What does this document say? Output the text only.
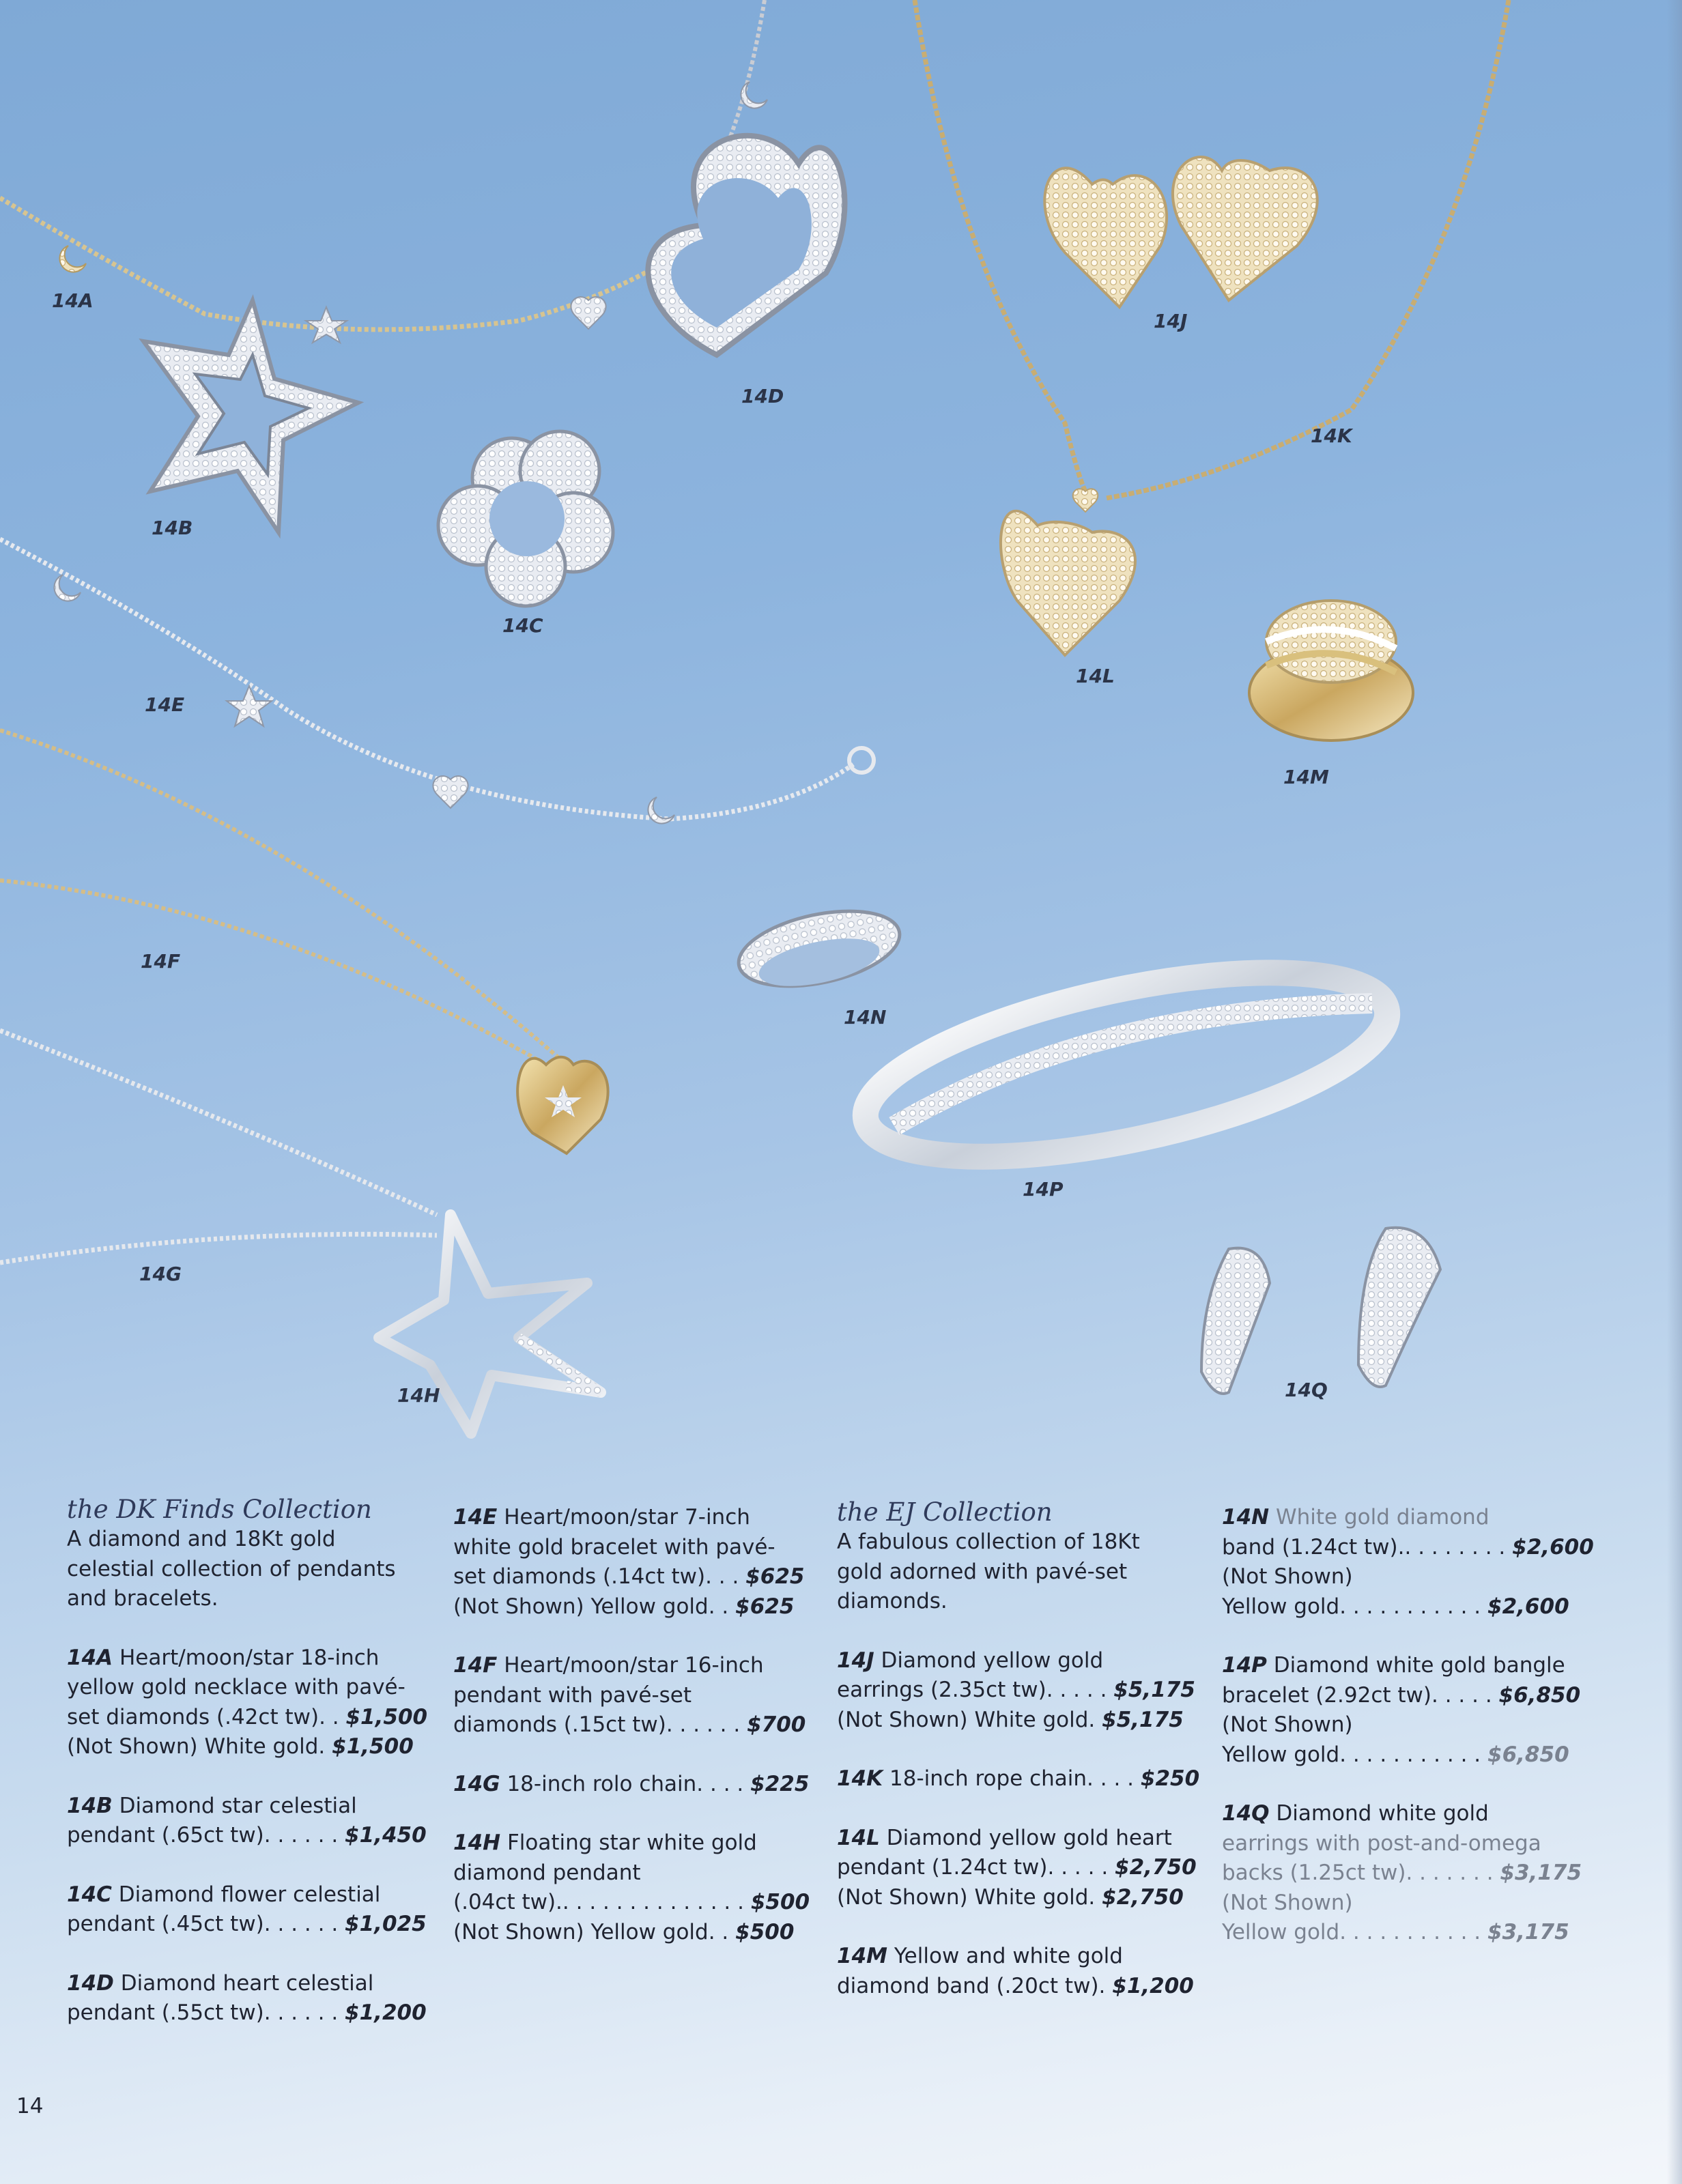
14A
14B
14C
14D
14E
14F
14G
14H
14J
14K
14L
14M
14N
14P
14Q

the DK Finds Collection
A diamond and 18Kt gold
celestial collection of pendants
and bracelets.

14A Heart/moon/star 18-inch
yellow gold necklace with pavé-
set diamonds (.42ct tw). . $1,500
(Not Shown) White gold. $1,500

14B Diamond star celestial
pendant (.65ct tw). . . . . . $1,450

14C Diamond flower celestial
pendant (.45ct tw). . . . . . $1,025

14D Diamond heart celestial
pendant (.55ct tw). . . . . . $1,200

14E Heart/moon/star 7-inch
white gold bracelet with pavé-
set diamonds (.14ct tw). . . $625
(Not Shown) Yellow gold. . $625

14F Heart/moon/star 16-inch
pendant with pavé-set
diamonds (.15ct tw). . . . . . $700

14G 18-inch rolo chain. . . . $225

14H Floating star white gold
diamond pendant
(.04ct tw).. . . . . . . . . . . . . . $500
(Not Shown) Yellow gold. . $500

the EJ Collection
A fabulous collection of 18Kt
gold adorned with pavé-set
diamonds.

14J Diamond yellow gold
earrings (2.35ct tw). . . . . $5,175
(Not Shown) White gold. $5,175

14K 18-inch rope chain. . . . $250

14L Diamond yellow gold heart
pendant (1.24ct tw). . . . . $2,750
(Not Shown) White gold. $2,750

14M Yellow and white gold
diamond band (.20ct tw). $1,200

14N White gold diamond
band (1.24ct tw).. . . . . . . . $2,600
(Not Shown)
Yellow gold. . . . . . . . . . . $2,600

14P Diamond white gold bangle
bracelet (2.92ct tw). . . . . $6,850
(Not Shown)
Yellow gold. . . . . . . . . . . $6,850

14Q Diamond white gold
earrings with post-and-omega
backs (1.25ct tw). . . . . . . $3,175
(Not Shown)
Yellow gold. . . . . . . . . . . $3,175

14
